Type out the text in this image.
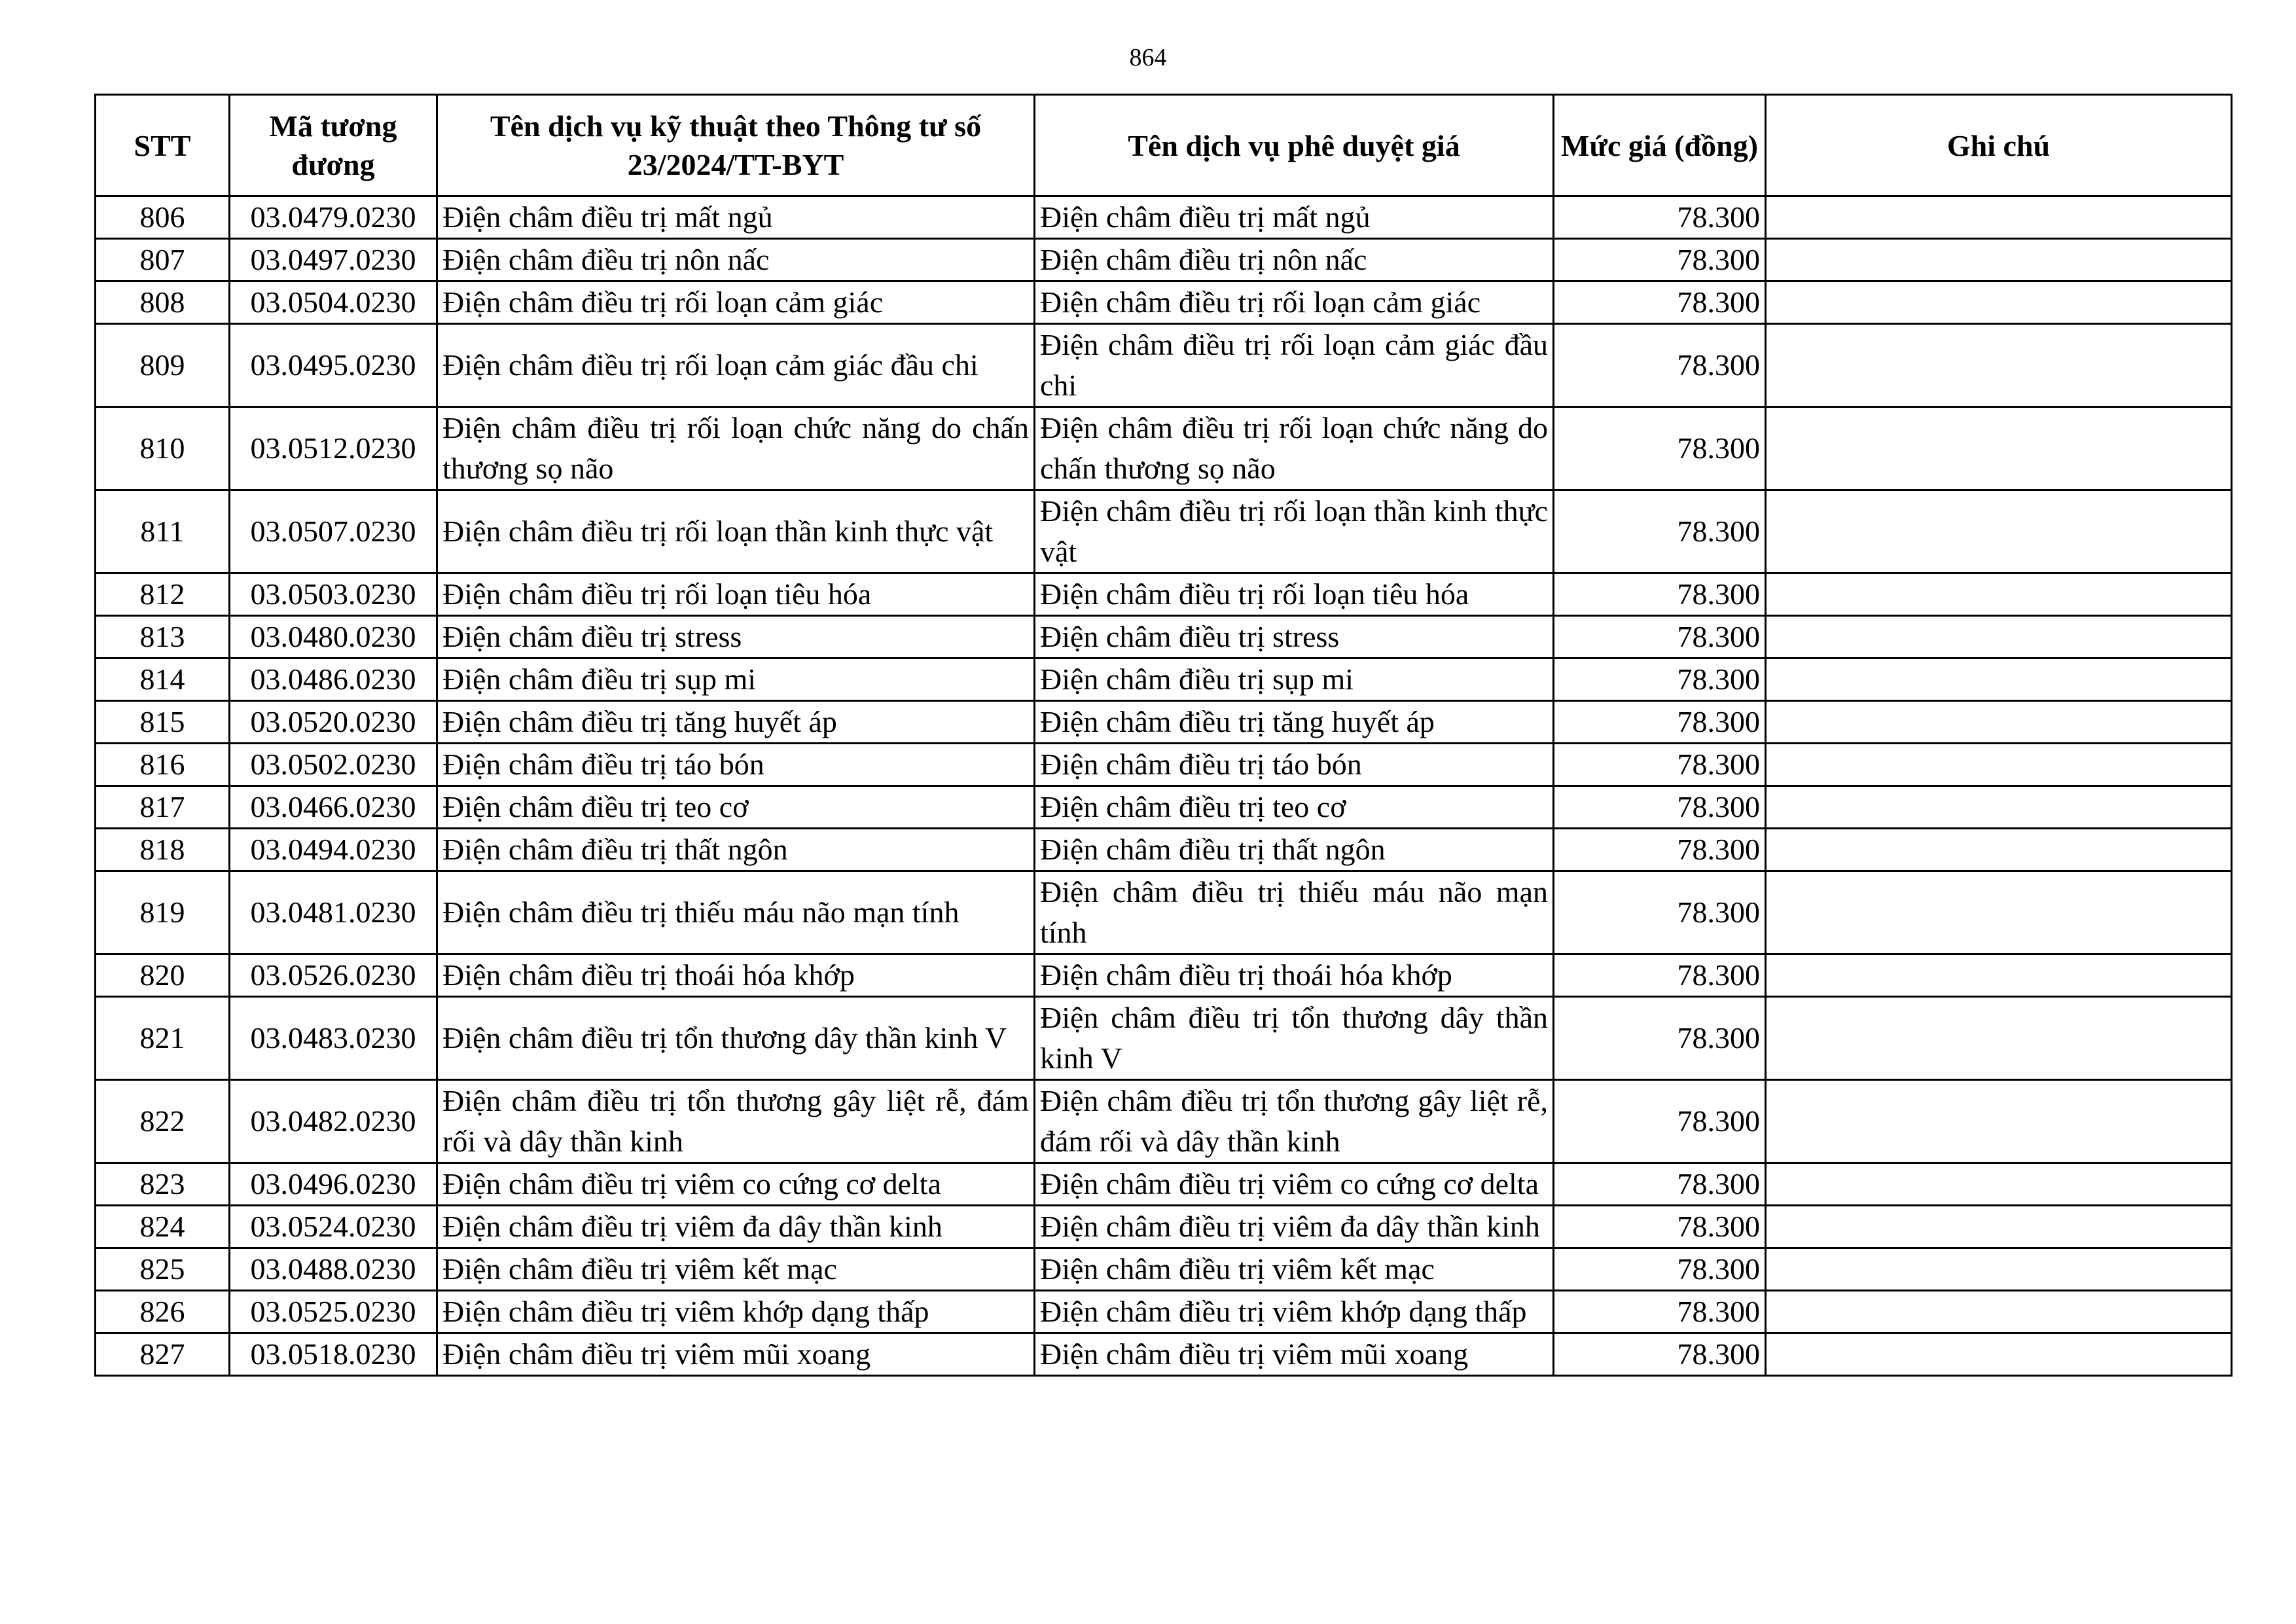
864
STT	Mã tương đương	Tên dịch vụ kỹ thuật theo Thông tư số 23/2024/TT-BYT	Tên dịch vụ phê duyệt giá	Mức giá (đồng)	Ghi chú
806	03.0479.0230	Điện châm điều trị mất ngủ	Điện châm điều trị mất ngủ	78.300	
807	03.0497.0230	Điện châm điều trị nôn nấc	Điện châm điều trị nôn nấc	78.300	
808	03.0504.0230	Điện châm điều trị rối loạn cảm giác	Điện châm điều trị rối loạn cảm giác	78.300	
809	03.0495.0230	Điện châm điều trị rối loạn cảm giác đầu chi	Điện châm điều trị rối loạn cảm giác đầu chi	78.300	
810	03.0512.0230	Điện châm điều trị rối loạn chức năng do chấn thương sọ não	Điện châm điều trị rối loạn chức năng do chấn thương sọ não	78.300	
811	03.0507.0230	Điện châm điều trị rối loạn thần kinh thực vật	Điện châm điều trị rối loạn thần kinh thực vật	78.300	
812	03.0503.0230	Điện châm điều trị rối loạn tiêu hóa	Điện châm điều trị rối loạn tiêu hóa	78.300	
813	03.0480.0230	Điện châm điều trị stress	Điện châm điều trị stress	78.300	
814	03.0486.0230	Điện châm điều trị sụp mi	Điện châm điều trị sụp mi	78.300	
815	03.0520.0230	Điện châm điều trị tăng huyết áp	Điện châm điều trị tăng huyết áp	78.300	
816	03.0502.0230	Điện châm điều trị táo bón	Điện châm điều trị táo bón	78.300	
817	03.0466.0230	Điện châm điều trị teo cơ	Điện châm điều trị teo cơ	78.300	
818	03.0494.0230	Điện châm điều trị thất ngôn	Điện châm điều trị thất ngôn	78.300	
819	03.0481.0230	Điện châm điều trị thiếu máu não mạn tính	Điện châm điều trị thiếu máu não mạn tính	78.300	
820	03.0526.0230	Điện châm điều trị thoái hóa khớp	Điện châm điều trị thoái hóa khớp	78.300	
821	03.0483.0230	Điện châm điều trị tổn thương dây thần kinh V	Điện châm điều trị tổn thương dây thần kinh V	78.300	
822	03.0482.0230	Điện châm điều trị tổn thương gây liệt rễ, đám rối và dây thần kinh	Điện châm điều trị tổn thương gây liệt rễ, đám rối và dây thần kinh	78.300	
823	03.0496.0230	Điện châm điều trị viêm co cứng cơ delta	Điện châm điều trị viêm co cứng cơ delta	78.300	
824	03.0524.0230	Điện châm điều trị viêm đa dây thần kinh	Điện châm điều trị viêm đa dây thần kinh	78.300	
825	03.0488.0230	Điện châm điều trị viêm kết mạc	Điện châm điều trị viêm kết mạc	78.300	
826	03.0525.0230	Điện châm điều trị viêm khớp dạng thấp	Điện châm điều trị viêm khớp dạng thấp	78.300	
827	03.0518.0230	Điện châm điều trị viêm mũi xoang	Điện châm điều trị viêm mũi xoang	78.300	
